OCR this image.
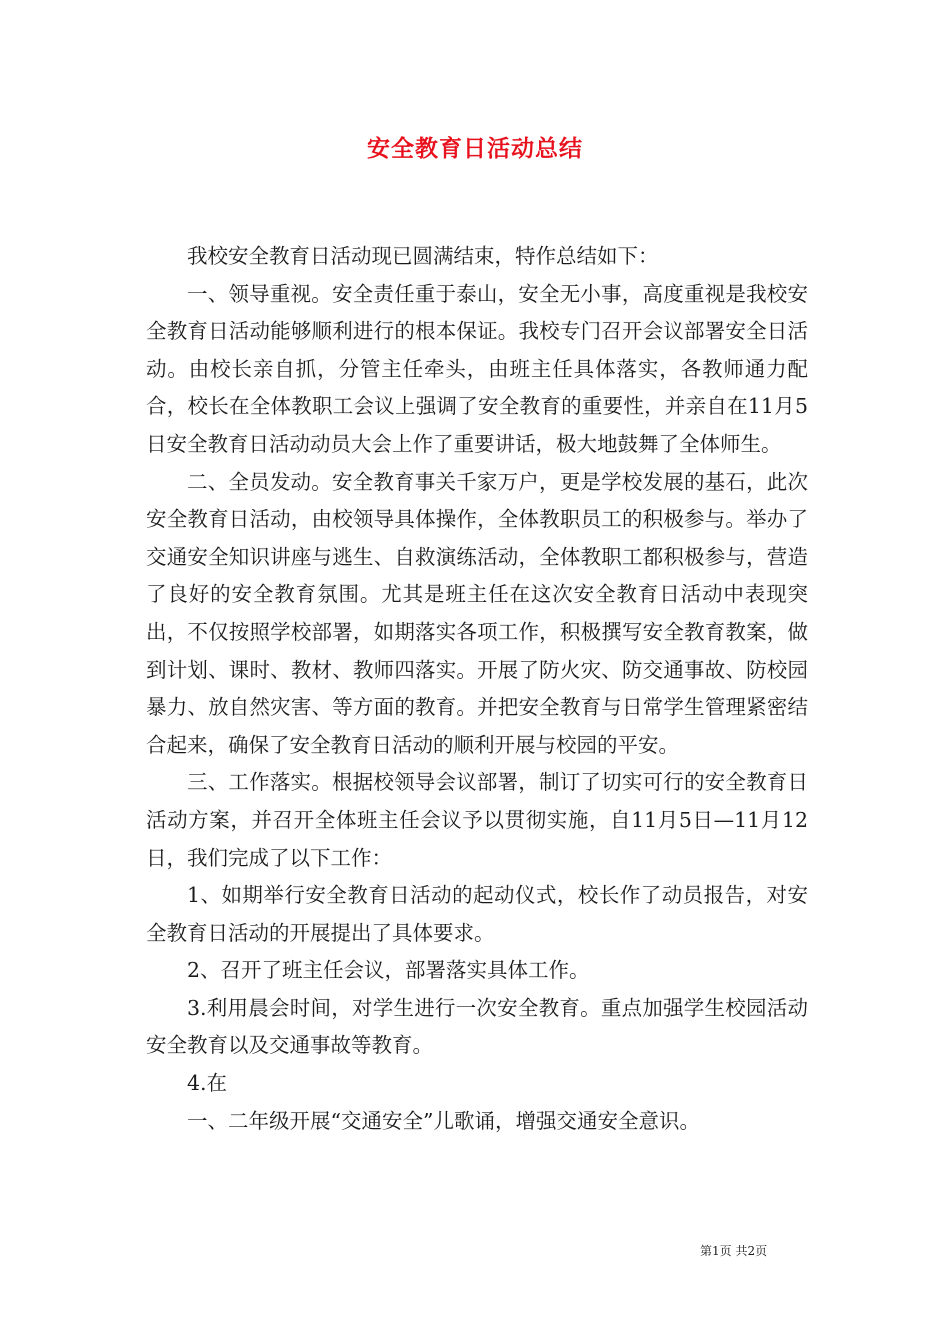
安全教育日活动总结

我校安全教育日活动现已圆满结束，特作总结如下：

一、领导重视。安全责任重于泰山，安全无小事，高度重视是我校安全教育日活动能够顺利进行的根本保证。我校专门召开会议部署安全日活动。由校长亲自抓，分管主任牵头，由班主任具体落实，各教师通力配合，校长在全体教职工会议上强调了安全教育的重要性，并亲自在11月5日安全教育日活动动员大会上作了重要讲话，极大地鼓舞了全体师生。

二、全员发动。安全教育事关千家万户，更是学校发展的基石，此次安全教育日活动，由校领导具体操作，全体教职员工的积极参与。举办了交通安全知识讲座与逃生、自救演练活动，全体教职工都积极参与，营造了良好的安全教育氛围。尤其是班主任在这次安全教育日活动中表现突出，不仅按照学校部署，如期落实各项工作，积极撰写安全教育教案，做到计划、课时、教材、教师四落实。开展了防火灾、防交通事故、防校园暴力、放自然灾害、等方面的教育。并把安全教育与日常学生管理紧密结合起来，确保了安全教育日活动的顺利开展与校园的平安。

三、工作落实。根据校领导会议部署，制订了切实可行的安全教育日活动方案，并召开全体班主任会议予以贯彻实施，自11月5日—11月12日，我们完成了以下工作：

1、如期举行安全教育日活动的起动仪式，校长作了动员报告，对安全教育日活动的开展提出了具体要求。

2、召开了班主任会议，部署落实具体工作。

3.利用晨会时间，对学生进行一次安全教育。重点加强学生校园活动安全教育以及交通事故等教育。

4.在

一、二年级开展“交通安全”儿歌诵，增强交通安全意识。

第1页 共2页
